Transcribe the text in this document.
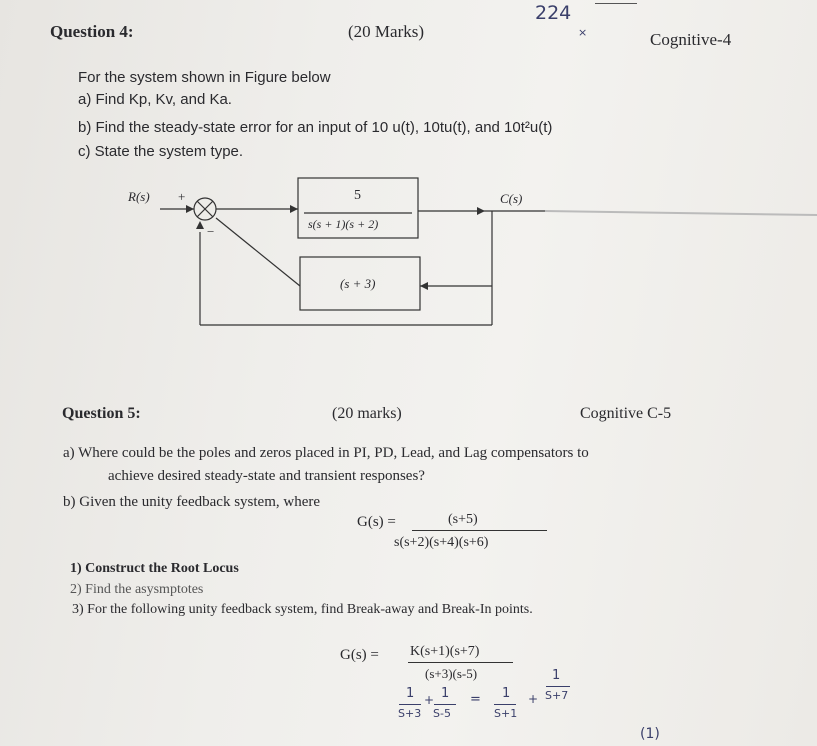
Question 4:	(20 Marks)	Cognitive-4
224
×
For the system shown in Figure below
a) Find Kp, Kv, and Ka.
b) Find the steady-state error for an input of 10 u(t), 10tu(t), and 10t²u(t)
c) State the system type.
R(s) +
−
5
s(s + 1)(s + 2)
C(s)
(s + 3)
Question 5:	(20 marks)	Cognitive C-5
a) Where could be the poles and zeros placed in PI, PD, Lead, and Lag compensators to
achieve desired steady-state and transient responses?
b) Given the unity feedback system, where
G(s) =	(s+5)
s(s+2)(s+4)(s+6)
1) Construct the Root Locus
2) Find the asysmptotes
3) For the following unity feedback system, find Break-away and Break-In points.
G(s) = K(s+1)(s+7)
(s+3)(s-5)
1
S+3
+ 1
S-5
= 1
S+1
+
1
S+7
(1)
